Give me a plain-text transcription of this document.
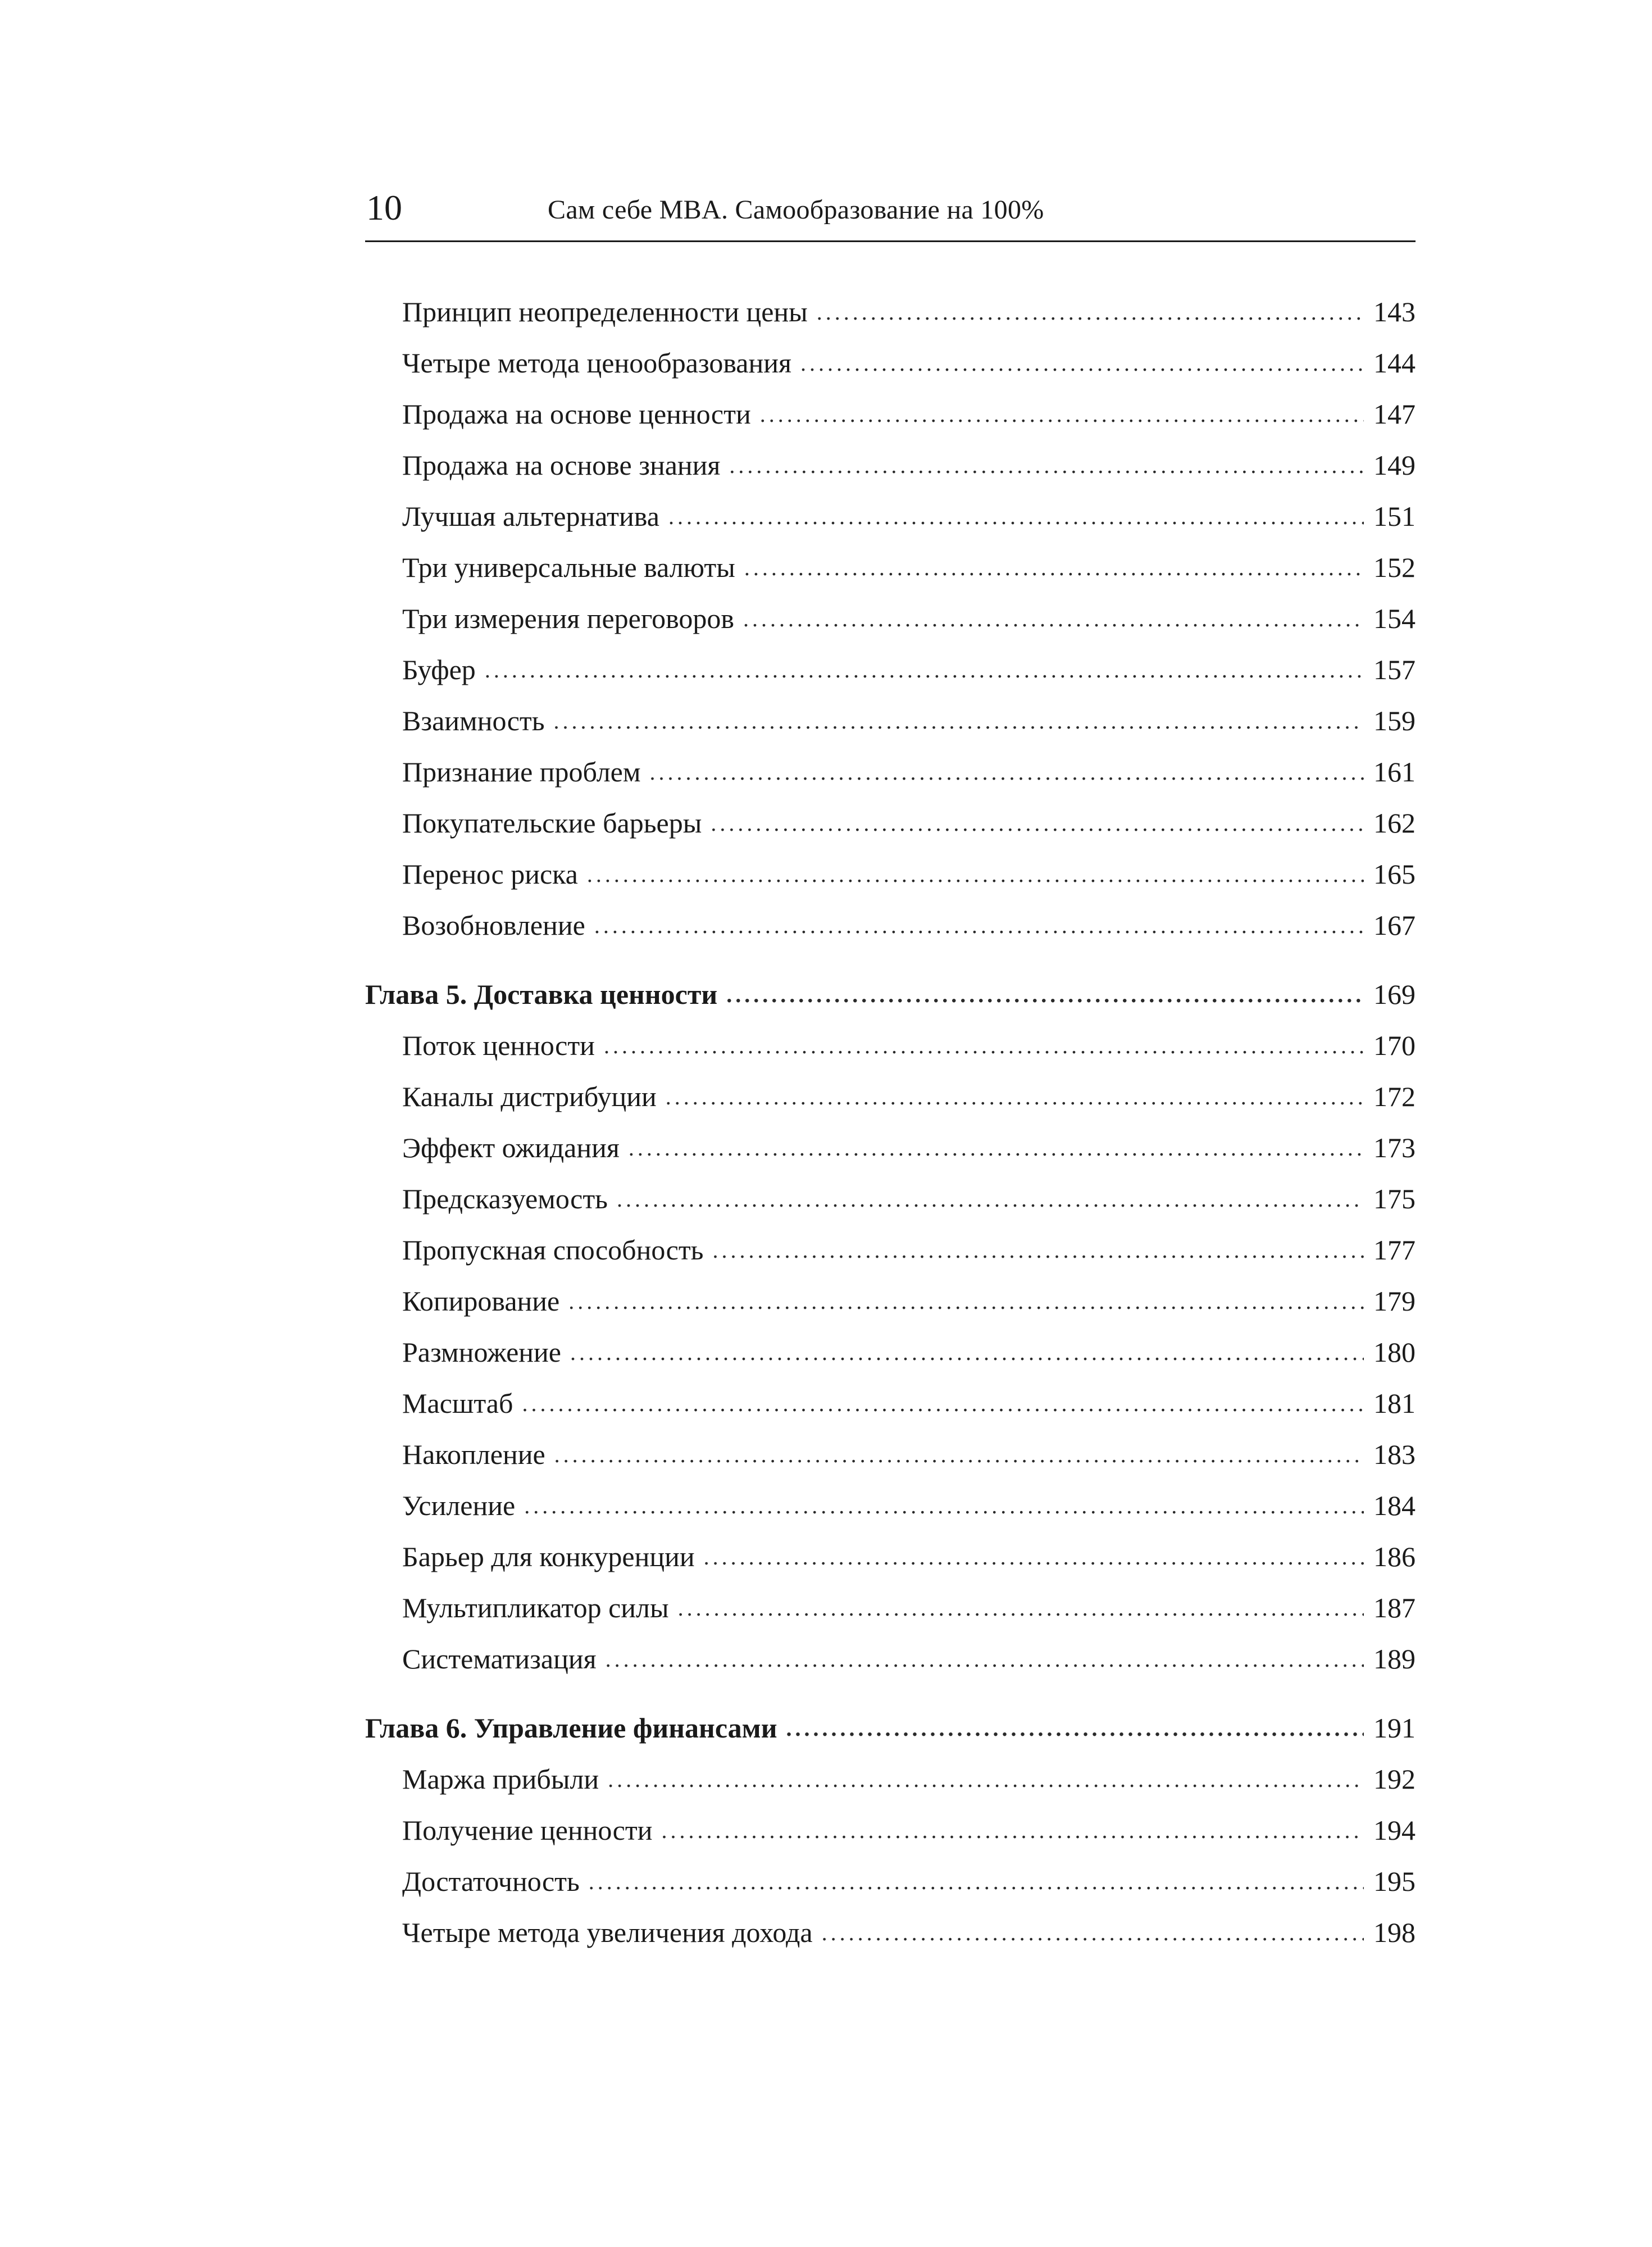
10	Сам себе MBA. Самообразование на 100%
Принцип неопределенности цены . . .	143
Четыре метода ценообразования . . .	144
Продажа на основе ценности . . .	147
Продажа на основе знания . . .	149
Лучшая альтернатива . . .	151
Три универсальные валюты . . .	152
Три измерения переговоров . . .	154
Буфер . . .	157
Взаимность . . .	159
Признание проблем . . .	161
Покупательские барьеры . . .	162
Перенос риска . . .	165
Возобновление . . .	167
Глава 5. Доставка ценности . . .	169
Поток ценности . . .	170
Каналы дистрибуции . . .	172
Эффект ожидания . . .	173
Предсказуемость . . .	175
Пропускная способность . . .	177
Копирование . . .	179
Размножение . . .	180
Масштаб . . .	181
Накопление . . .	183
Усиление . . .	184
Барьер для конкуренции . . .	186
Мультипликатор силы . . .	187
Систематизация . . .	189
Глава 6. Управление финансами . . .	191
Маржа прибыли . . .	192
Получение ценности . . .	194
Достаточность . . .	195
Четыре метода увеличения дохода . . .	198
